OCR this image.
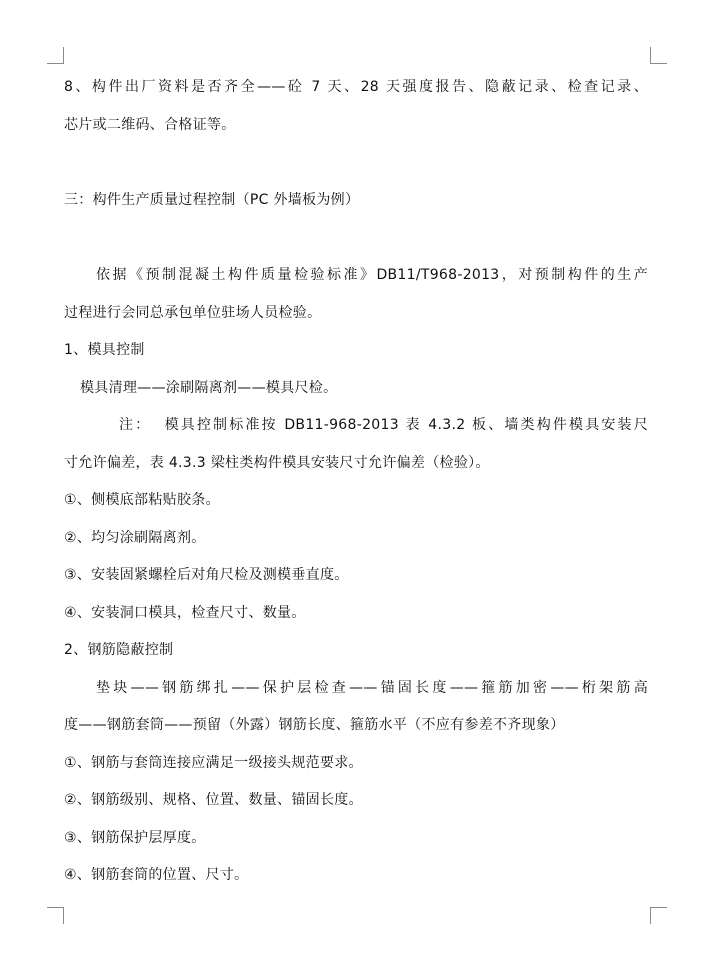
8、构件出厂资料是否齐全——砼 7 天、28 天强度报告、隐蔽记录、检查记录、
芯片或二维码、合格证等。
三：构件生产质量过程控制（PC 外墙板为例）
依据《预制混凝土构件质量检验标准》DB11/T968-2013，对预制构件的生产
过程进行会同总承包单位驻场人员检验。
1、模具控制
模具清理——涂刷隔离剂——模具尺检。
注：  模具控制标准按 DB11-968-2013 表 4.3.2 板、墙类构件模具安装尺
寸允许偏差，表 4.3.3 梁柱类构件模具安装尺寸允许偏差（检验）。
①、侧模底部粘贴胶条。
②、均匀涂刷隔离剂。
③、安装固紧螺栓后对角尺检及测模垂直度。
④、安装洞口模具，检查尺寸、数量。
2、钢筋隐蔽控制
垫块——钢筋绑扎——保护层检查——锚固长度——箍筋加密——桁架筋高
度——钢筋套筒——预留（外露）钢筋长度、箍筋水平（不应有参差不齐现象）
①、钢筋与套筒连接应满足一级接头规范要求。
②、钢筋级别、规格、位置、数量、锚固长度。
③、钢筋保护层厚度。
④、钢筋套筒的位置、尺寸。
